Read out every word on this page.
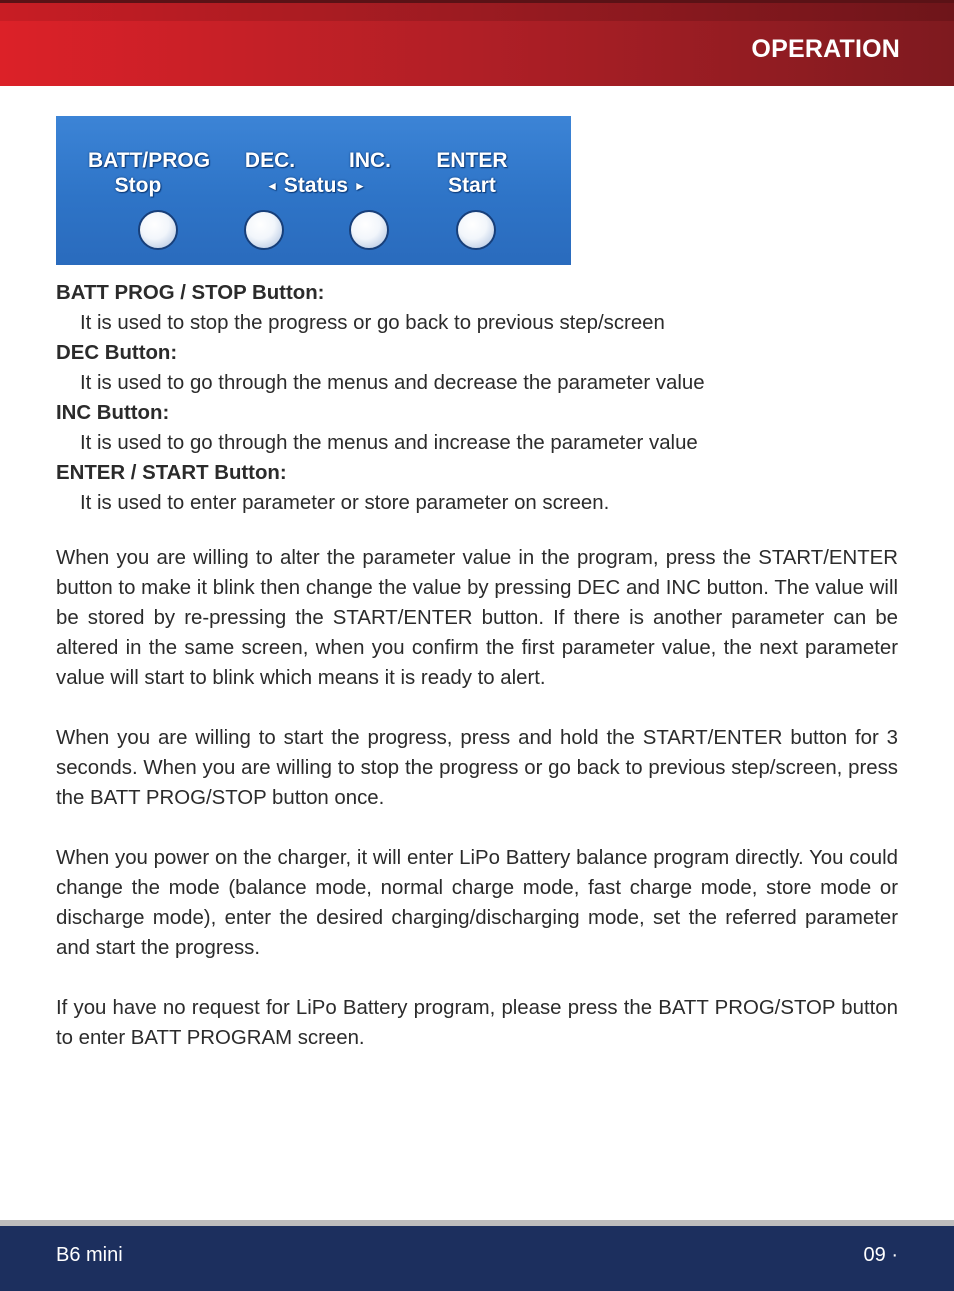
OPERATION
BATT/PROG
Stop
DEC.	INC.
◄ Status ►
ENTER
Start
BATT PROG / STOP Button:
It is used to stop the progress or go back to previous step/screen
DEC Button:
It is used to go through the menus and decrease the parameter value
INC Button:
It is used to go through the menus and increase the parameter value
ENTER / START Button:
It is used to enter parameter or store parameter on screen.

When you are willing to alter the parameter value in the program, press the START/ENTER button to make it blink then change the value by pressing DEC and INC button. The value will be stored by re-pressing the START/ENTER button. If there is another parameter can be altered in the same screen, when you confirm the first parameter value, the next parameter value will start to blink which means it is ready to alert.

When you are willing to start the progress, press and hold the START/ENTER button for 3 seconds. When you are willing to stop the progress or go back to previous step/screen, press the BATT PROG/STOP button once.

When you power on the charger, it will enter LiPo Battery balance program directly. You could change the mode (balance mode, normal charge mode, fast charge mode, store mode or discharge mode), enter the desired charging/discharging mode, set the referred parameter and start the progress.

If you have no request for LiPo Battery program, please press the BATT PROG/STOP button to enter BATT PROGRAM screen.

B6 mini	09 ·
